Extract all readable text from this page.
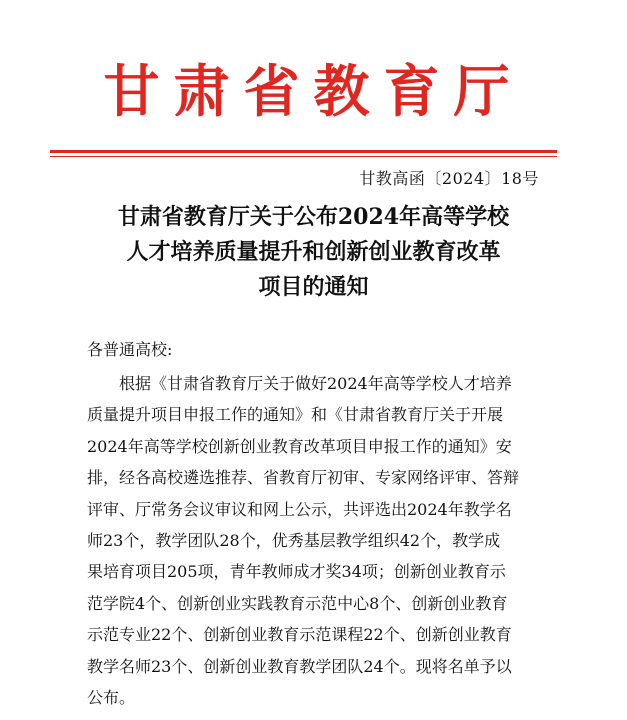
甘肃省教育厅
甘教高函〔2024〕18号
甘肃省教育厅关于公布2024年高等学校
人才培养质量提升和创新创业教育改革
项目的通知
各普通高校:
根据《甘肃省教育厅关于做好2024年高等学校人才培养
质量提升项目申报工作的通知》和《甘肃省教育厅关于开展
2024年高等学校创新创业教育改革项目申报工作的通知》安
排，经各高校遴选推荐、省教育厅初审、专家网络评审、答辩
评审、厅常务会议审议和网上公示，共评选出2024年教学名
师23个，教学团队28个，优秀基层教学组织42个，教学成
果培育项目205项，青年教师成才奖34项；创新创业教育示
范学院4个、创新创业实践教育示范中心8个、创新创业教育
示范专业22个、创新创业教育示范课程22个、创新创业教育
教学名师23个、创新创业教育教学团队24个。现将名单予以
公布。
